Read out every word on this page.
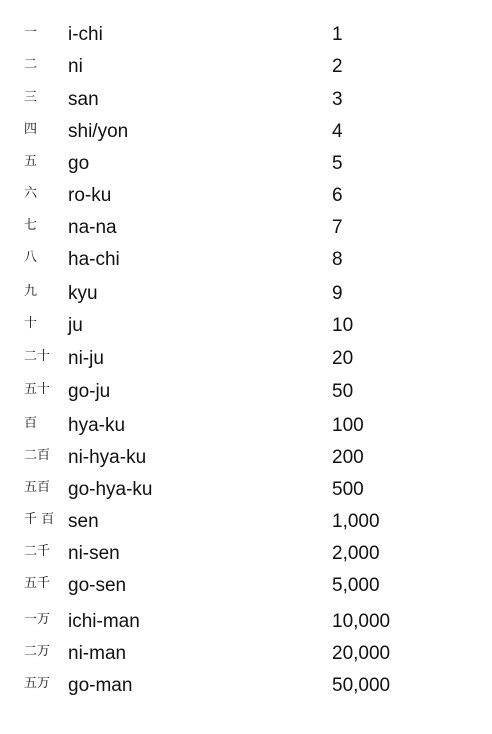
一 i-chi	1
二 ni	2
三 san	3
四 shi/yon	4
五 go	5
六 ro-ku	6
七 na-na	7
八 ha-chi	8
九 kyu	9
十 ju	10
二十 ni-ju	20
五十 go-ju	50
百 hya-ku	100
二百 ni-hya-ku	200
五百 go-hya-ku	500
千 百 sen	1,000
二千 ni-sen	2,000
五千 go-sen	5,000
一万 ichi-man	10,000
二万 ni-man	20,000
五万 go-man	50,000
